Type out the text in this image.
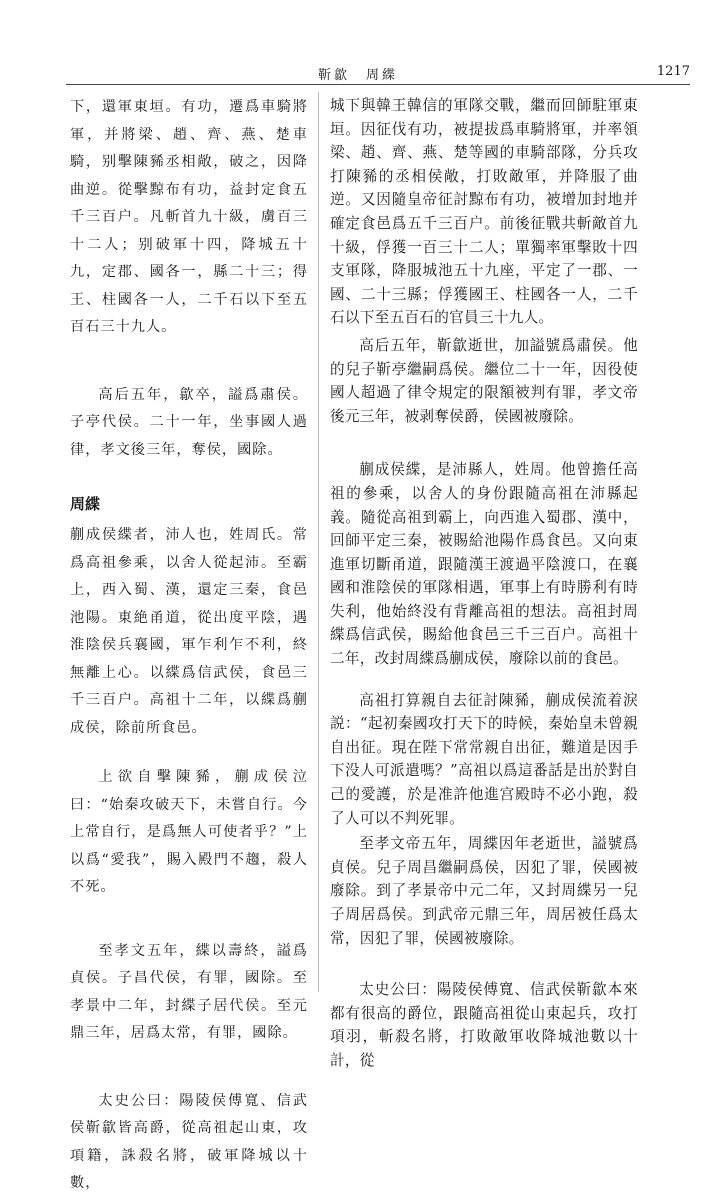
靳歙　周緤	1217

下，還軍東垣。有功，遷爲車騎將軍，并將梁、趙、齊、燕、楚車騎，别擊陳豨丞相敞，破之，因降曲逆。從擊黥布有功，益封定食五千三百户。凡斬首九十級，虜百三十二人；别破軍十四，降城五十九，定郡、國各一，縣二十三；得王、柱國各一人，二千石以下至五百石三十九人。

高后五年，歙卒，謚爲肅侯。子亭代侯。二十一年，坐事國人過律，孝文後三年，奪侯，國除。

周緤

蒯成侯緤者，沛人也，姓周氏。常爲高祖參乘，以舍人從起沛。至霸上，西入蜀、漢，還定三秦，食邑池陽。東絶甬道，從出度平陰，遇淮陰侯兵襄國，軍乍利乍不利，終無離上心。以緤爲信武侯，食邑三千三百户。高祖十二年，以緤爲蒯成侯，除前所食邑。

上欲自擊陳豨，蒯成侯泣曰：“始秦攻破天下，未嘗自行。今上常自行，是爲無人可使者乎？”上以爲“愛我”，賜入殿門不趨，殺人不死。

至孝文五年，緤以壽終，謚爲貞侯。子昌代侯，有罪，國除。至孝景中二年，封緤子居代侯。至元鼎三年，居爲太常，有罪，國除。

太史公曰：陽陵侯傅寬、信武侯靳歙皆高爵，從高祖起山東，攻項籍，誅殺名將，破軍降城以十數，

城下與韓王韓信的軍隊交戰，繼而回師駐軍東垣。因征伐有功，被提拔爲車騎將軍，并率領梁、趙、齊、燕、楚等國的車騎部隊，分兵攻打陳豨的丞相侯敞，打敗敵軍，并降服了曲逆。又因隨皇帝征討黥布有功，被增加封地并確定食邑爲五千三百户。前後征戰共斬敵首九十級，俘獲一百三十二人；單獨率軍擊敗十四支軍隊，降服城池五十九座，平定了一郡、一國、二十三縣；俘獲國王、柱國各一人，二千石以下至五百石的官員三十九人。

高后五年，靳歙逝世，加謚號爲肅侯。他的兒子靳亭繼嗣爲侯。繼位二十一年，因役使國人超過了律令規定的限額被判有罪，孝文帝後元三年，被剥奪侯爵，侯國被廢除。

蒯成侯緤，是沛縣人，姓周。他曾擔任高祖的參乘，以舍人的身份跟隨高祖在沛縣起義。隨從高祖到霸上，向西進入蜀郡、漢中，回師平定三秦，被賜給池陽作爲食邑。又向東進軍切斷甬道，跟隨漢王渡過平陰渡口，在襄國和淮陰侯的軍隊相遇，軍事上有時勝利有時失利，他始終没有背離高祖的想法。高祖封周緤爲信武侯，賜給他食邑三千三百户。高祖十二年，改封周緤爲蒯成侯，廢除以前的食邑。

高祖打算親自去征討陳豨，蒯成侯流着淚説：“起初秦國攻打天下的時候，秦始皇未曾親自出征。現在陛下常常親自出征，難道是因手下没人可派遣嗎？”高祖以爲這番話是出於對自己的愛護，於是准許他進宫殿時不必小跑，殺了人可以不判死罪。

至孝文帝五年，周緤因年老逝世，謚號爲貞侯。兒子周昌繼嗣爲侯，因犯了罪，侯國被廢除。到了孝景帝中元二年，又封周緤另一兒子周居爲侯。到武帝元鼎三年，周居被任爲太常，因犯了罪，侯國被廢除。

太史公曰：陽陵侯傅寬、信武侯靳歙本來都有很高的爵位，跟隨高祖從山東起兵，攻打項羽，斬殺名將，打敗敵軍收降城池數以十計，從
